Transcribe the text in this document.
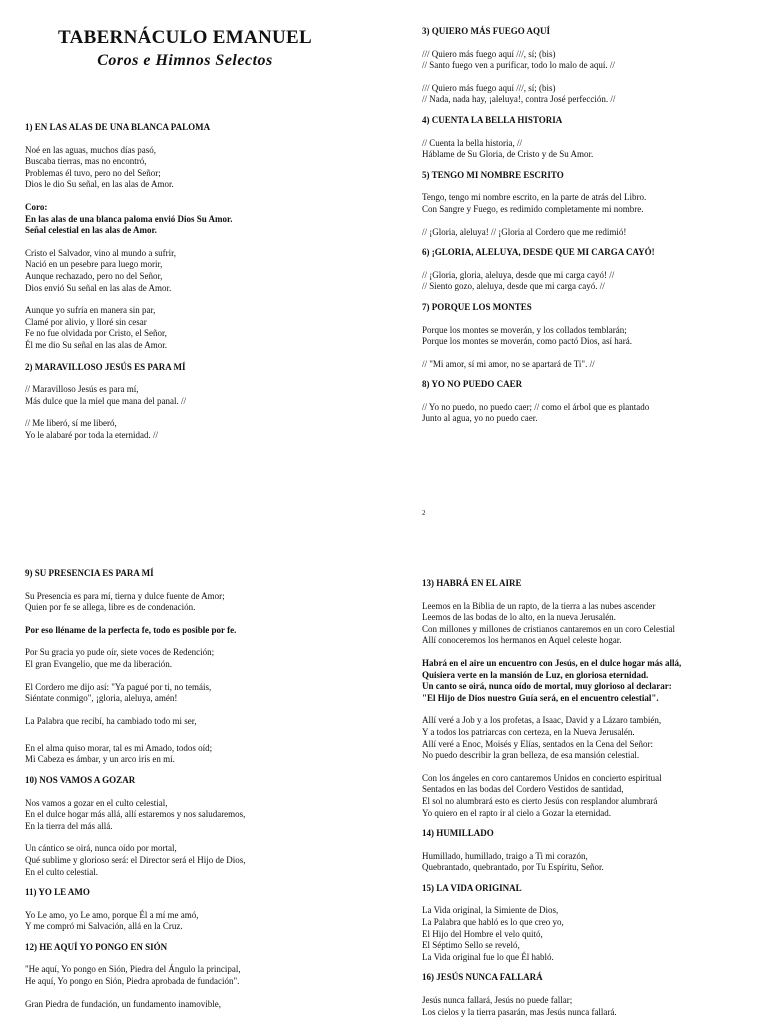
TABERNÁCULO EMANUEL
Coros e Himnos Selectos
1) EN LAS ALAS DE UNA BLANCA PALOMA
Noé en las aguas, muchos días pasó,
Buscaba tierras, mas no encontró,
Problemas él tuvo, pero no del Señor;
Dios le dio Su señal, en las alas de Amor.
Coro:
En las alas de una blanca paloma envió Dios Su Amor.
Señal celestial en las alas de Amor.
Cristo el Salvador, vino al mundo a sufrir,
Nació en un pesebre para luego morir,
Aunque rechazado, pero no del Señor,
Dios envió Su señal en las alas de Amor.
Aunque yo sufría en manera sin par,
Clamé por alivio, y lloré sin cesar
Fe no fue olvidada por Cristo, el Señor,
Él me dio Su señal en las alas de Amor.
2) MARAVILLOSO JESÚS ES PARA MÍ
// Maravilloso Jesús es para mí,
Más dulce que la miel que mana del panal. //
// Me liberó, sí me liberó,
Yo le alabaré por toda la eternidad. //
3) QUIERO MÁS FUEGO AQUÍ
/// Quiero más fuego aquí ///, sí; (bis)
// Santo fuego ven a purificar, todo lo malo de aquí. //
/// Quiero más fuego aquí ///, sí; (bis)
// Nada, nada hay, ¡aleluya!, contra José perfección. //
4) CUENTA LA BELLA HISTORIA
// Cuenta la bella historia, //
Háblame de Su Gloria, de Cristo y de Su Amor.
5) TENGO MI NOMBRE ESCRITO
Tengo, tengo mi nombre escrito, en la parte de atrás del Libro.
Con Sangre y Fuego, es redimido completamente mi nombre.
// ¡Gloria, aleluya! // ¡Gloria al Cordero que me redimió!
6) ¡GLORIA, ALELUYA, DESDE QUE MI CARGA CAYÓ!
// ¡Gloria, gloria, aleluya, desde que mi carga cayó! //
// Siento gozo, aleluya, desde que mi carga cayó. //
7) PORQUE LOS MONTES
Porque los montes se moverán, y los collados temblarán;
Porque los montes se moverán, como pactó Dios, así hará.
// "Mi amor, sí mi amor, no se apartará de Ti". //
8) YO NO PUEDO CAER
// Yo no puedo, no puedo caer; // como el árbol que es plantado
Junto al agua, yo no puedo caer.
2
9) SU PRESENCIA ES PARA MÍ
Su Presencia es para mí, tierna y dulce fuente de Amor;
Quien por fe se allega, libre es de condenación.
Por eso lléname de la perfecta fe, todo es posible por fe.
Por Su gracia yo pude oír, siete voces de Redención;
El gran Evangelio, que me da liberación.
El Cordero me dijo así: "Ya pagué por ti, no temáis,
Siéntate conmigo", ¡gloria, aleluya, amén!
La Palabra que recibí, ha cambiado todo mi ser,
En el alma quiso morar, tal es mi Amado, todos oíd;
Mi Cabeza es ámbar, y un arco iris en mí.
10) NOS VAMOS A GOZAR
Nos vamos a gozar en el culto celestial,
En el dulce hogar más allá, allí estaremos y nos saludaremos,
En la tierra del más allá.
Un cántico se oirá, nunca oído por mortal,
Qué sublime y glorioso será: el Director será el Hijo de Dios,
En el culto celestial.
11) YO LE AMO
Yo Le amo, yo Le amo, porque Él a mí me amó,
Y me compró mi Salvación, allá en la Cruz.
12) HE AQUÍ YO PONGO EN SIÓN
"He aquí, Yo pongo en Sión, Piedra del Ángulo la principal,
He aquí, Yo pongo en Sión, Piedra aprobada de fundación".
Gran Piedra de fundación, un fundamento inamovible,
13) HABRÁ EN EL AIRE
Leemos en la Biblia de un rapto, de la tierra a las nubes ascender
Leemos de las bodas de lo alto, en la nueva Jerusalén.
Con millones y millones de cristianos cantaremos en un coro Celestial
Allí conoceremos los hermanos en Aquel celeste hogar.
Habrá en el aire un encuentro con Jesús, en el dulce hogar más allá,
Quisiera verte en la mansión de Luz, en gloriosa eternidad.
Un canto se oirá, nunca oído de mortal, muy glorioso al declarar:
"El Hijo de Dios nuestro Guía será, en el encuentro celestial".
Allí veré a Job y a los profetas, a Isaac, David y a Lázaro también,
Y a todos los patriarcas con certeza, en la Nueva Jerusalén.
Allí veré a Enoc, Moisés y Elías, sentados en la Cena del Señor:
No puedo describir la gran belleza, de esa mansión celestial.
Con los ángeles en coro cantaremos Unidos en concierto espiritual
Sentados en las bodas del Cordero Vestidos de santidad,
El sol no alumbrará esto es cierto Jesús con resplandor alumbrará
Yo quiero en el rapto ir al cielo a Gozar la eternidad.
14) HUMILLADO
Humillado, humillado, traigo a Ti mi corazón,
Quebrantado, quebrantado, por Tu Espíritu, Señor.
15) LA VIDA ORIGINAL
La Vida original, la Simiente de Dios,
La Palabra que habló es lo que creo yo,
El Hijo del Hombre el velo quitó,
El Séptimo Sello se reveló,
La Vida original fue lo que Él habló.
16) JESÚS NUNCA FALLARÁ
Jesús nunca fallará, Jesús no puede fallar;
Los cielos y la tierra pasarán, mas Jesús nunca fallará.
